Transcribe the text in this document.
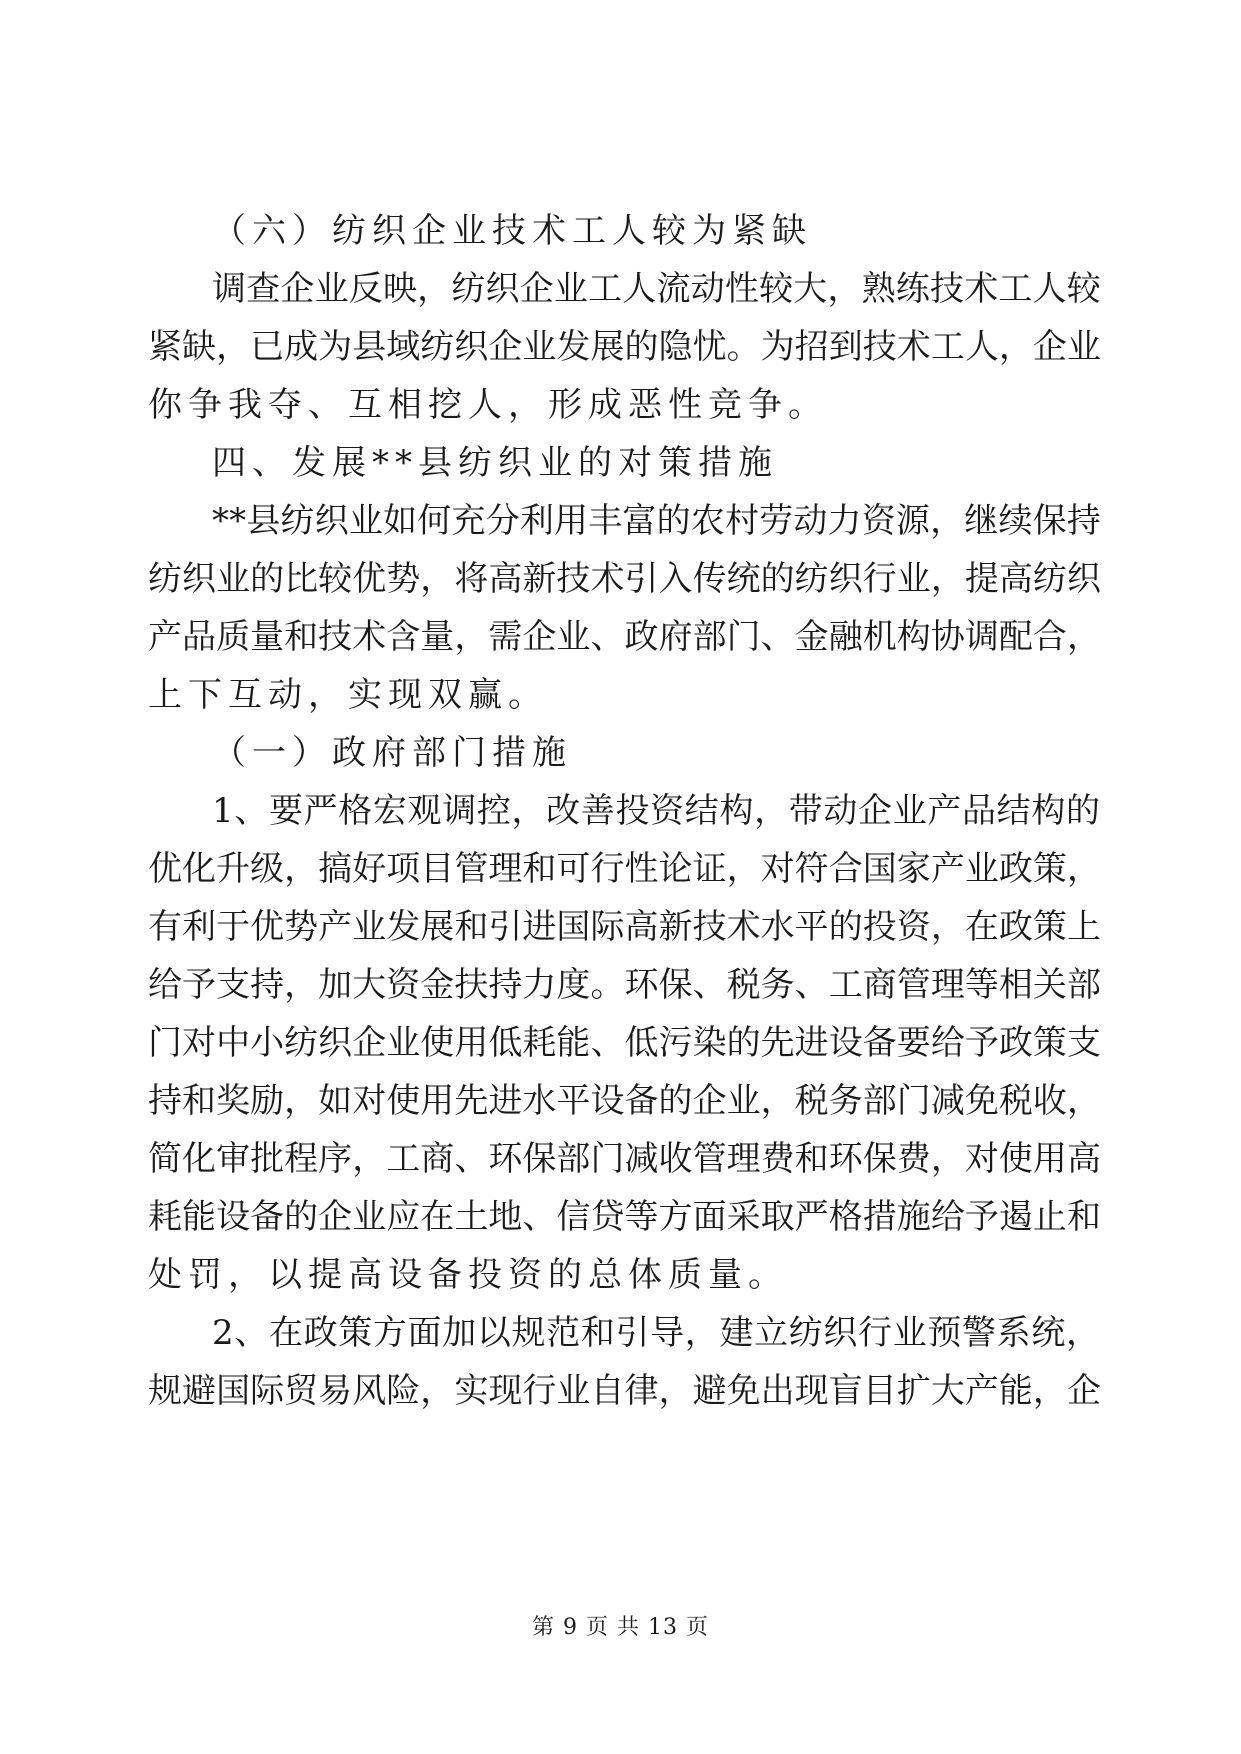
（六）纺织企业技术工人较为紧缺
调查企业反映，纺织企业工人流动性较大，熟练技术工人较
紧缺，已成为县域纺织企业发展的隐忧。为招到技术工人，企业
你争我夺、互相挖人，形成恶性竞争。
四、发展**县纺织业的对策措施
**县纺织业如何充分利用丰富的农村劳动力资源，继续保持
纺织业的比较优势，将高新技术引入传统的纺织行业，提高纺织
产品质量和技术含量，需企业、政府部门、金融机构协调配合，
上下互动，实现双赢。
（一）政府部门措施
1、要严格宏观调控，改善投资结构，带动企业产品结构的
优化升级，搞好项目管理和可行性论证，对符合国家产业政策，
有利于优势产业发展和引进国际高新技术水平的投资，在政策上
给予支持，加大资金扶持力度。环保、税务、工商管理等相关部
门对中小纺织企业使用低耗能、低污染的先进设备要给予政策支
持和奖励，如对使用先进水平设备的企业，税务部门减免税收，
简化审批程序，工商、环保部门减收管理费和环保费，对使用高
耗能设备的企业应在土地、信贷等方面采取严格措施给予遏止和
处罚，以提高设备投资的总体质量。
2、在政策方面加以规范和引导，建立纺织行业预警系统，
规避国际贸易风险，实现行业自律，避免出现盲目扩大产能，企
第 9 页 共 13 页
